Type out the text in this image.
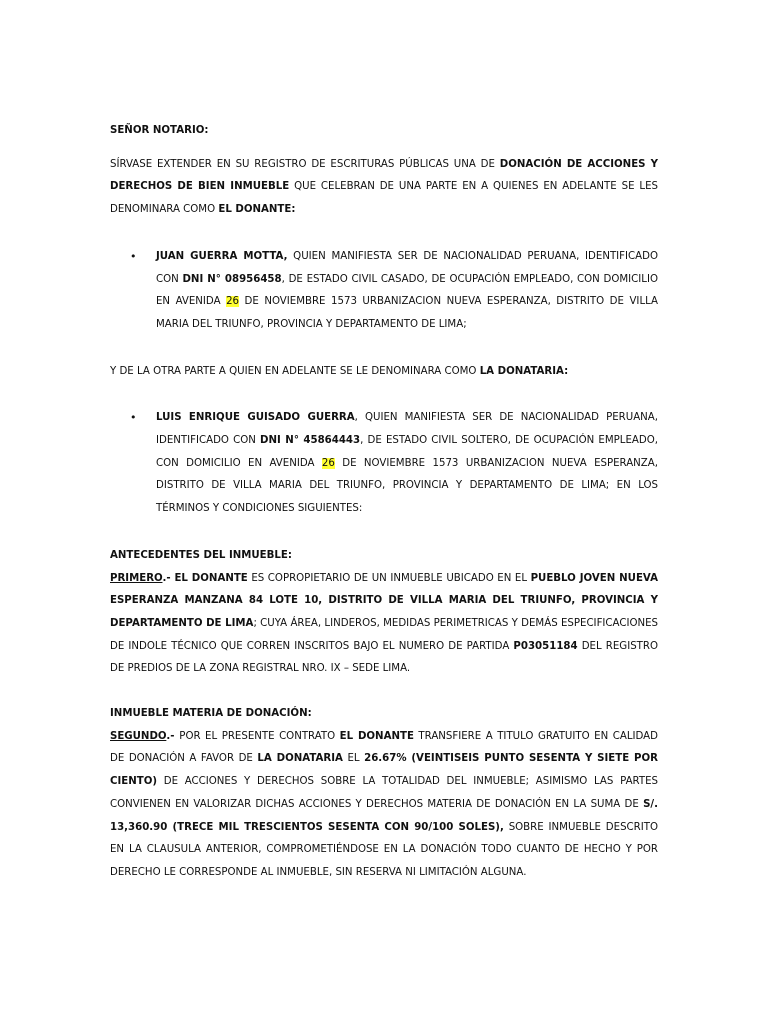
SEÑOR NOTARIO:

SÍRVASE EXTENDER EN SU REGISTRO DE ESCRITURAS PÚBLICAS UNA DE DONACIÓN DE ACCIONES Y DERECHOS DE BIEN INMUEBLE QUE CELEBRAN DE UNA PARTE EN A QUIENES EN ADELANTE SE LES DENOMINARA COMO EL DONANTE:

• JUAN GUERRA MOTTA, QUIEN MANIFIESTA SER DE NACIONALIDAD PERUANA, IDENTIFICADO CON DNI N° 08956458, DE ESTADO CIVIL CASADO, DE OCUPACIÓN EMPLEADO, CON DOMICILIO EN AVENIDA 26 DE NOVIEMBRE 1573 URBANIZACION NUEVA ESPERANZA, DISTRITO DE VILLA MARIA DEL TRIUNFO, PROVINCIA Y DEPARTAMENTO DE LIMA;

Y DE LA OTRA PARTE A QUIEN EN ADELANTE SE LE DENOMINARA COMO LA DONATARIA:

• LUIS ENRIQUE GUISADO GUERRA, QUIEN MANIFIESTA SER DE NACIONALIDAD PERUANA, IDENTIFICADO CON DNI N° 45864443, DE ESTADO CIVIL SOLTERO, DE OCUPACIÓN EMPLEADO, CON DOMICILIO EN AVENIDA 26 DE NOVIEMBRE 1573 URBANIZACION NUEVA ESPERANZA, DISTRITO DE VILLA MARIA DEL TRIUNFO, PROVINCIA Y DEPARTAMENTO DE LIMA; EN LOS TÉRMINOS Y CONDICIONES SIGUIENTES:

ANTECEDENTES DEL INMUEBLE:

PRIMERO.- EL DONANTE ES COPROPIETARIO DE UN INMUEBLE UBICADO EN EL PUEBLO JOVEN NUEVA ESPERANZA MANZANA 84 LOTE 10, DISTRITO DE VILLA MARIA DEL TRIUNFO, PROVINCIA Y DEPARTAMENTO DE LIMA; CUYA ÁREA, LINDEROS, MEDIDAS PERIMETRICAS Y DEMÁS ESPECIFICACIONES DE INDOLE TÉCNICO QUE CORREN INSCRITOS BAJO EL NUMERO DE PARTIDA P03051184 DEL REGISTRO DE PREDIOS DE LA ZONA REGISTRAL NRO. IX – SEDE LIMA.

INMUEBLE MATERIA DE DONACIÓN:

SEGUNDO.- POR EL PRESENTE CONTRATO EL DONANTE TRANSFIERE A TITULO GRATUITO EN CALIDAD DE DONACIÓN A FAVOR DE LA DONATARIA EL 26.67% (VEINTISEIS PUNTO SESENTA Y SIETE POR CIENTO) DE ACCIONES Y DERECHOS SOBRE LA TOTALIDAD DEL INMUEBLE; ASIMISMO LAS PARTES CONVIENEN EN VALORIZAR DICHAS ACCIONES Y DERECHOS MATERIA DE DONACIÓN EN LA SUMA DE S/. 13,360.90 (TRECE MIL TRESCIENTOS SESENTA CON 90/100 SOLES), SOBRE INMUEBLE DESCRITO EN LA CLAUSULA ANTERIOR, COMPROMETIÉNDOSE EN LA DONACIÓN TODO CUANTO DE HECHO Y POR DERECHO LE CORRESPONDE AL INMUEBLE, SIN RESERVA NI LIMITACIÓN ALGUNA.
